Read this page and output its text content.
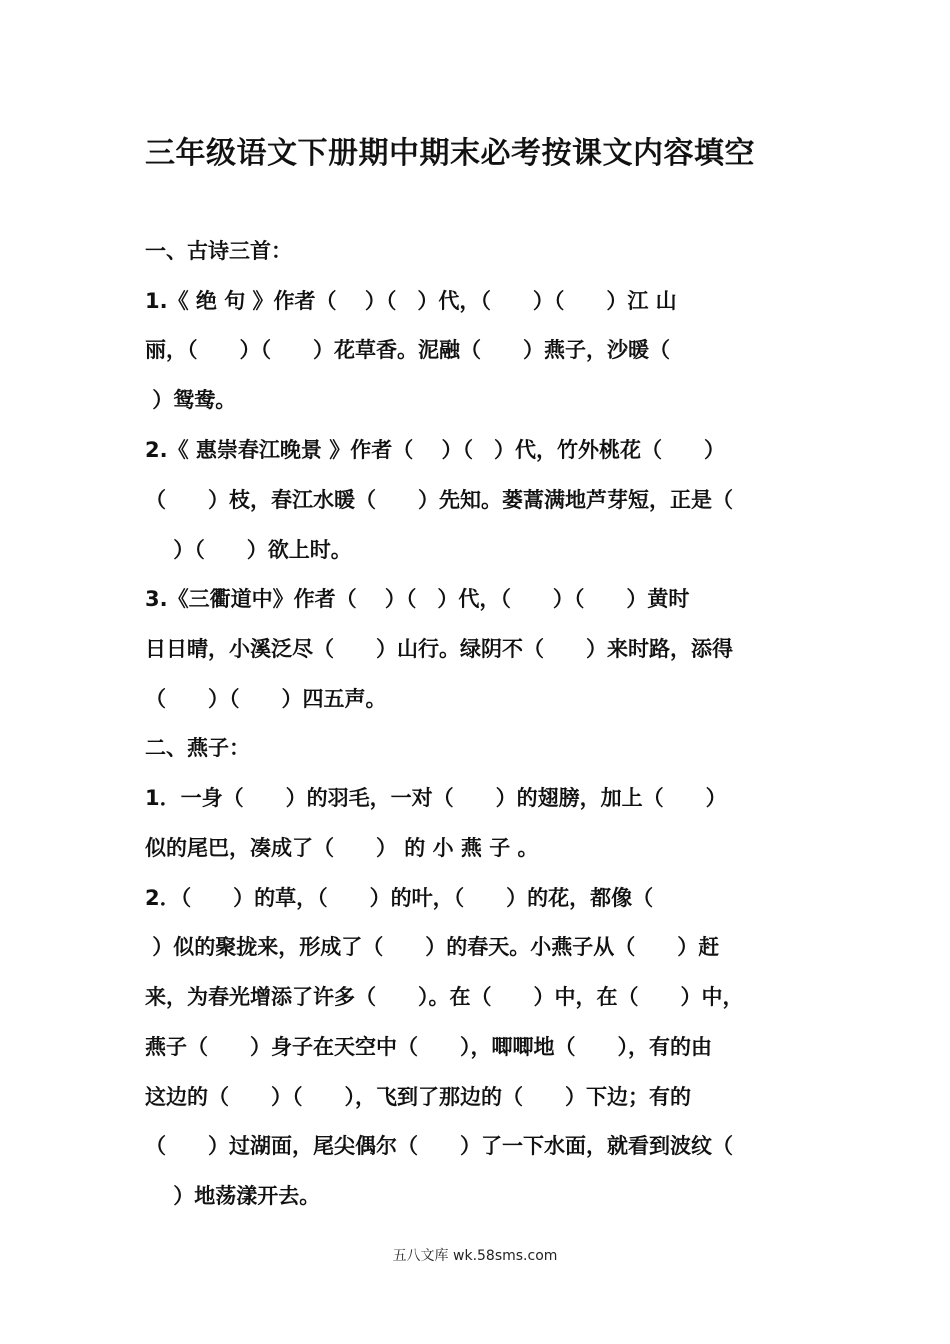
三年级语文下册期中期末必考按课文内容填空
一、古诗三首：
1.《 绝 句 》作者（　 ）（　）代，（　　）（　　）江 山
丽，（　　）（　　）花草香。泥融（　　）燕子，沙暖（
）鸳鸯。
2.《 惠崇春江晚景 》作者（　 ）（　）代，竹外桃花（　　）
（　　）枝，春江水暖（　　）先知。蒌蒿满地芦芽短，正是（
　 ）（　　）欲上时。
3.《三衢道中》作者（　 ）（　）代，（　　）（　　）黄时
日日晴，小溪泛尽（　　）山行。绿阴不（　　）来时路，添得
（　　）（　　）四五声。
二、燕子：
1．一身（　　）的羽毛，一对（　　）的翅膀，加上（　　）
似的尾巴，凑成了（　　） 的 小 燕 子 。
2．（　　）的草，（　　）的叶，（　　）的花，都像（
）似的聚拢来，形成了（　　）的春天。小燕子从（　　）赶
来，为春光增添了许多（　　）。在（　　）中，在（　　）中，
燕子（　　）身子在天空中（　　），唧唧地（　　），有的由
这边的（　　）（　　），飞到了那边的（　　）下边；有的
（　　）过湖面，尾尖偶尔（　　）了一下水面，就看到波纹（
　 ）地荡漾开去。
五八文库 wk.58sms.com
